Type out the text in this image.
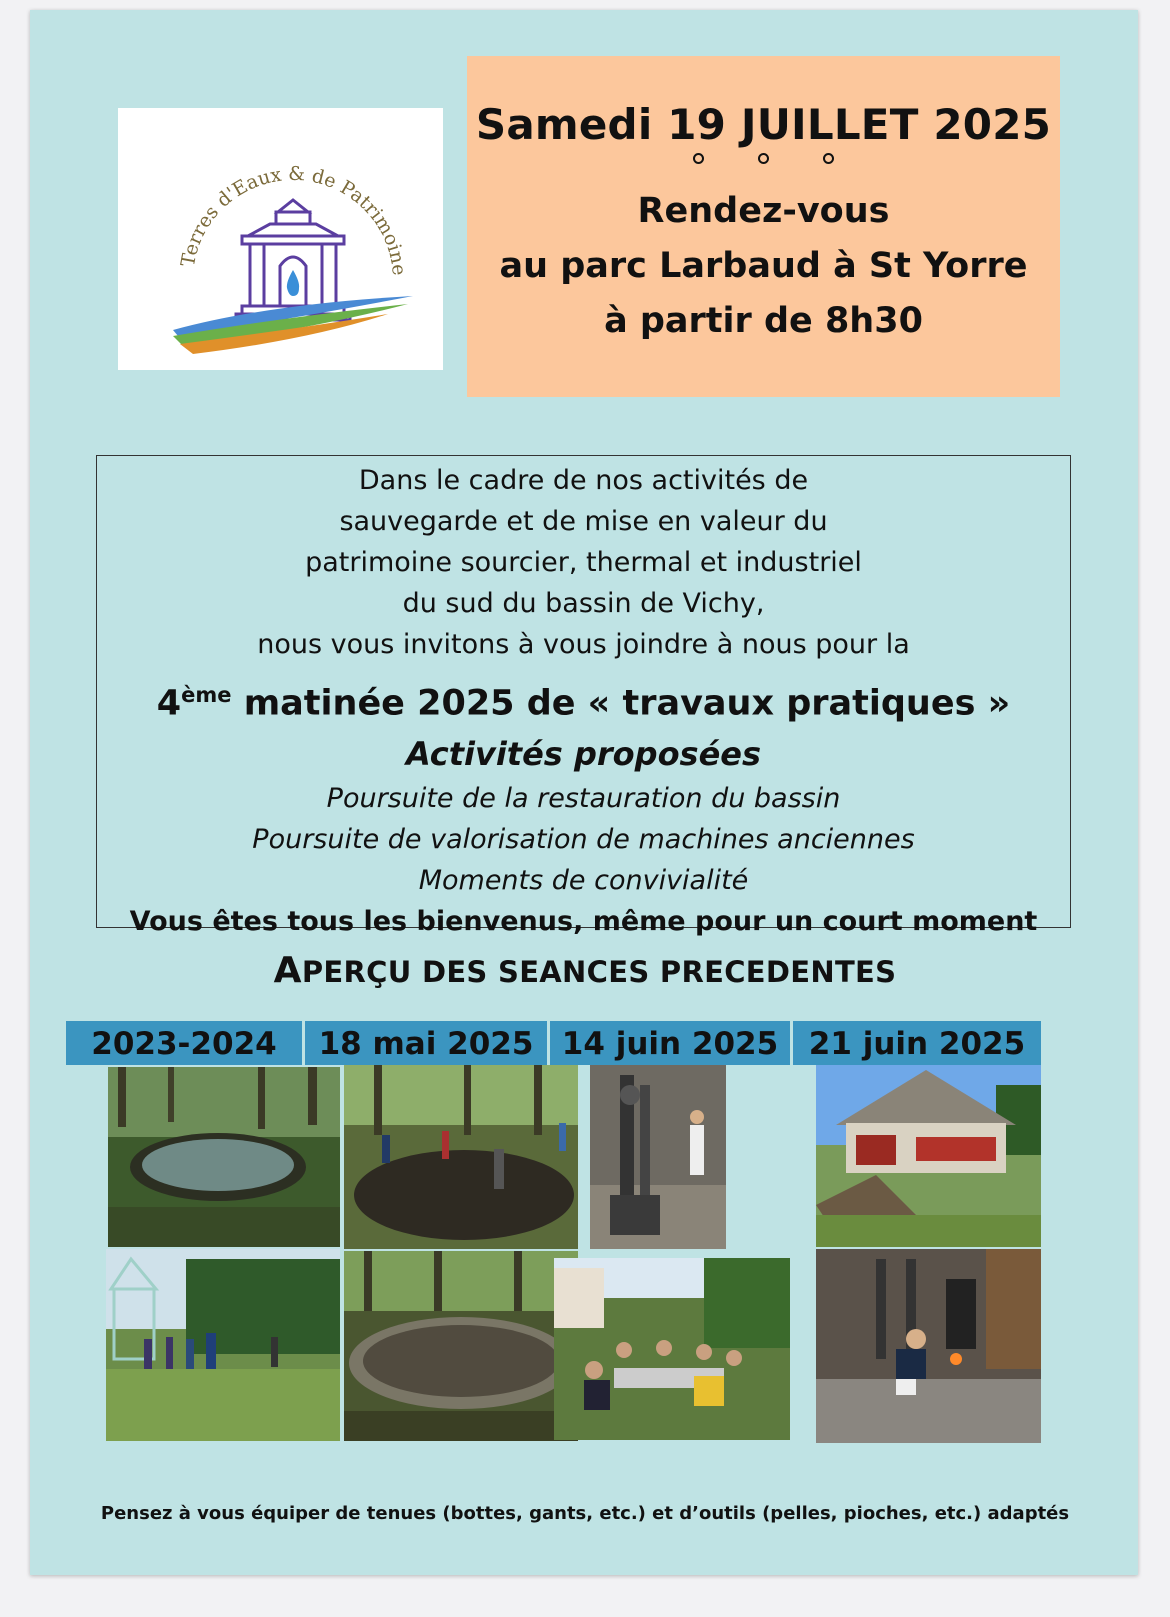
Terres d'Eaux & de Patrimoine
Samedi 19 JUILLET 2025
Rendez-vous
au parc Larbaud à St Yorre
à partir de 8h30
Dans le cadre de nos activités de
sauvegarde et de mise en valeur du
patrimoine sourcier, thermal et industriel
du sud du bassin de Vichy,
nous vous invitons à vous joindre à nous pour la
4ème matinée 2025 de « travaux pratiques »
Activités proposées
Poursuite de la restauration du bassin
Poursuite de valorisation de machines anciennes
Moments de convivialité
Vous êtes tous les bienvenus, même pour un court moment
APERÇU DES SEANCES PRECEDENTES
2023-2024	18 mai 2025 14 juin 2025 21 juin 2025
Pensez à vous équiper de tenues (bottes, gants, etc.) et d’outils (pelles, pioches, etc.) adaptés
